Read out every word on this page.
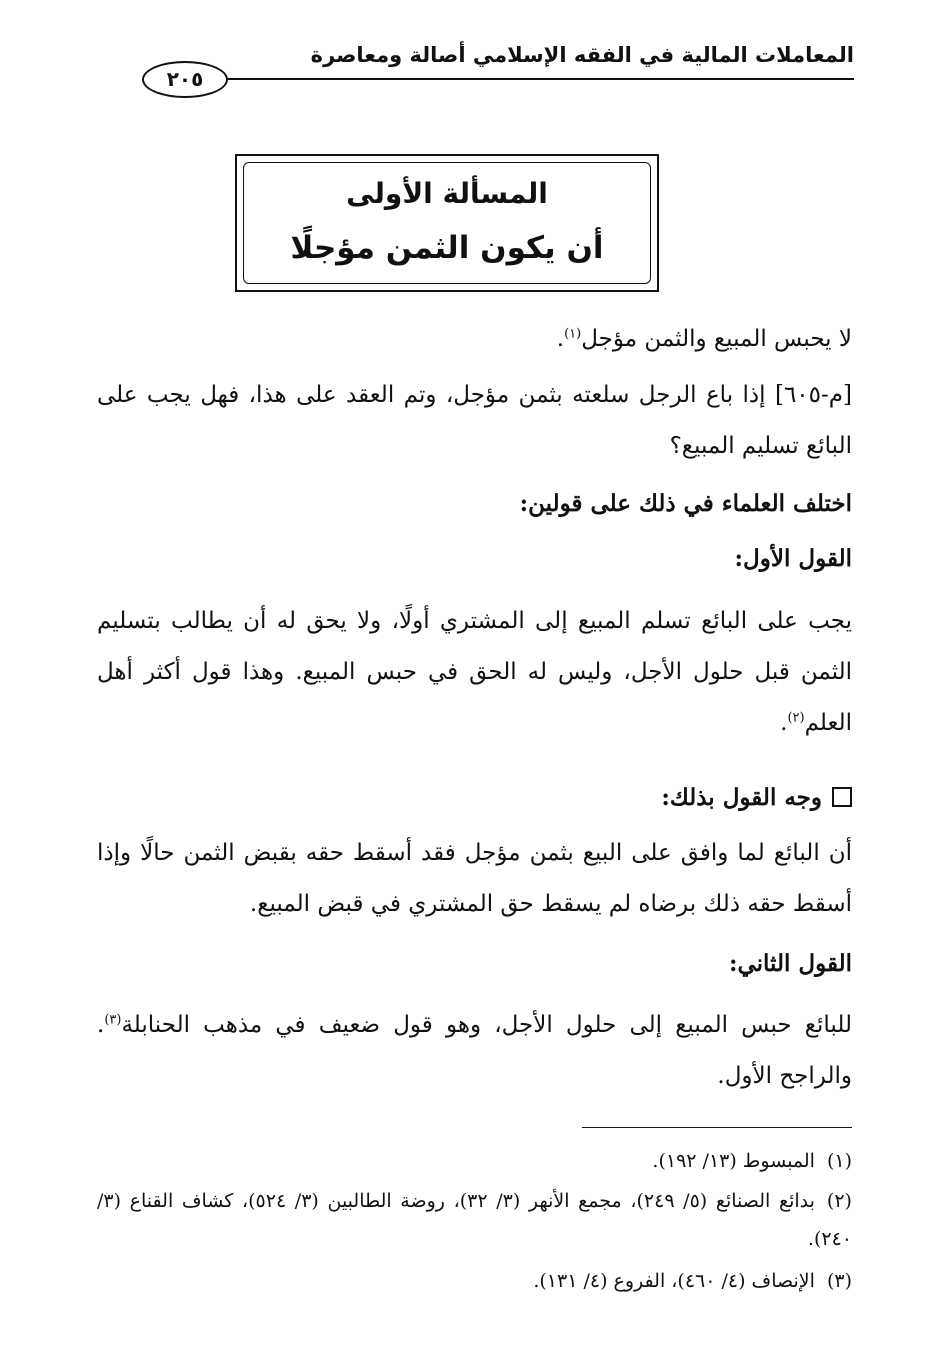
المعاملات المالية في الفقه الإسلامي أصالة ومعاصرة
٢٠٥
المسألة الأولى
أن يكون الثمن مؤجلًا
لا يحبس المبيع والثمن مؤجل$^{(١)}$.
[م-٦٠٥] إذا باع الرجل سلعته بثمن مؤجل، وتم العقد على هذا، فهل يجب على البائع تسليم المبيع؟
اختلف العلماء في ذلك على قولين:
القول الأول:
يجب على البائع تسلم المبيع إلى المشتري أولًا، ولا يحق له أن يطالب بتسليم الثمن قبل حلول الأجل، وليس له الحق في حبس المبيع. وهذا قول أكثر أهل العلم$^{(٢)}$.
وجه القول بذلك:
أن البائع لما وافق على البيع بثمن مؤجل فقد أسقط حقه بقبض الثمن حالًا وإذا أسقط حقه ذلك برضاه لم يسقط حق المشتري في قبض المبيع.
القول الثاني:
للبائع حبس المبيع إلى حلول الأجل، وهو قول ضعيف في مذهب الحنابلة$^{(٣)}$. والراجح الأول.
(١)المبسوط (١٣/ ١٩٢).
(٢)بدائع الصنائع (٥/ ٢٤٩)، مجمع الأنهر (٣/ ٣٢)، روضة الطالبين (٣/ ٥٢٤)، كشاف القناع (٣/ ٢٤٠).
(٣)الإنصاف (٤/ ٤٦٠)، الفروع (٤/ ١٣١).
